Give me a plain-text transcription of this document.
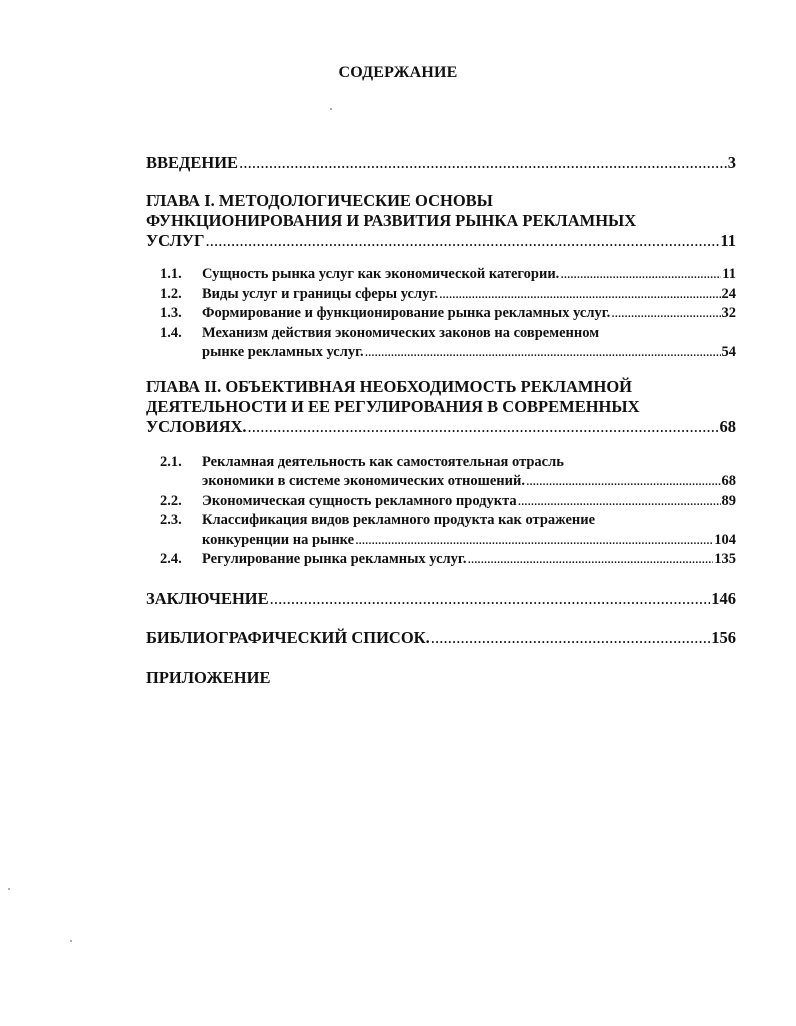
СОДЕРЖАНИЕ
ВВЕДЕНИЕ . . .	3
ГЛАВА I. МЕТОДОЛОГИЧЕСКИЕ ОСНОВЫ
ФУНКЦИОНИРОВАНИЯ И РАЗВИТИЯ РЫНКА РЕКЛАМНЫХ
УСЛУГ . . .	11
1.1. Сущность рынка услуг как экономической категории. . . .	11
1.2. Виды услуг и границы сферы услуг. . . .	24
1.3. Формирование и функционирование рынка рекламных услуг. . . .	32
1.4. Механизм действия экономических законов на современном
рынке рекламных услуг. . . .	54
ГЛАВА II. ОБЪЕКТИВНАЯ НЕОБХОДИМОСТЬ РЕКЛАМНОЙ
ДЕЯТЕЛЬНОСТИ И ЕЕ РЕГУЛИРОВАНИЯ В СОВРЕМЕННЫХ
УСЛОВИЯХ. . . .	68
2.1. Рекламная деятельность как самостоятельная отрасль
экономики в системе экономических отношений. . . .	68
2.2. Экономическая сущность рекламного продукта . . .	89
2.3. Классификация видов рекламного продукта как отражение
конкуренции на рынке . . .	104
2.4. Регулирование рынка рекламных услуг. . . .	135
ЗАКЛЮЧЕНИЕ . . .	146
БИБЛИОГРАФИЧЕСКИЙ СПИСОК. . . .	156
ПРИЛОЖЕНИЕ
